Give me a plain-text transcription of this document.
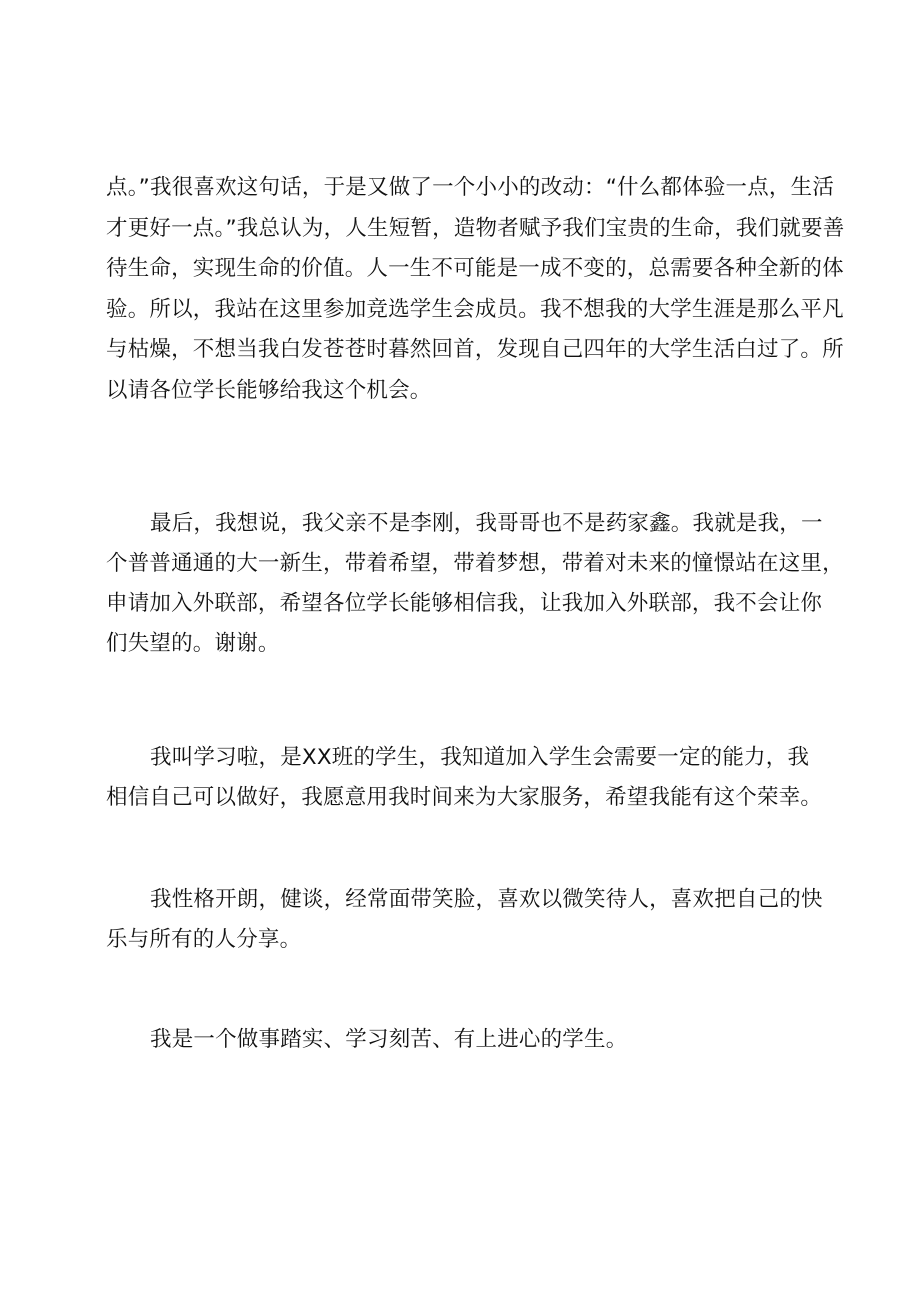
点。”我很喜欢这句话，于是又做了一个小小的改动：“什么都体验一点，生活
才更好一点。”我总认为，人生短暂，造物者赋予我们宝贵的生命，我们就要善
待生命，实现生命的价值。人一生不可能是一成不变的，总需要各种全新的体
验。所以，我站在这里参加竞选学生会成员。我不想我的大学生涯是那么平凡
与枯燥，不想当我白发苍苍时暮然回首，发现自己四年的大学生活白过了。所
以请各位学长能够给我这个机会。
最后，我想说，我父亲不是李刚，我哥哥也不是药家鑫。我就是我，一
个普普通通的大一新生，带着希望，带着梦想，带着对未来的憧憬站在这里，
申请加入外联部，希望各位学长能够相信我，让我加入外联部，我不会让你
们失望的。谢谢。
我叫学习啦，是XX班的学生，我知道加入学生会需要一定的能力，我
相信自己可以做好，我愿意用我时间来为大家服务，希望我能有这个荣幸。
我性格开朗，健谈，经常面带笑脸，喜欢以微笑待人，喜欢把自己的快
乐与所有的人分享。
我是一个做事踏实、学习刻苦、有上进心的学生。
